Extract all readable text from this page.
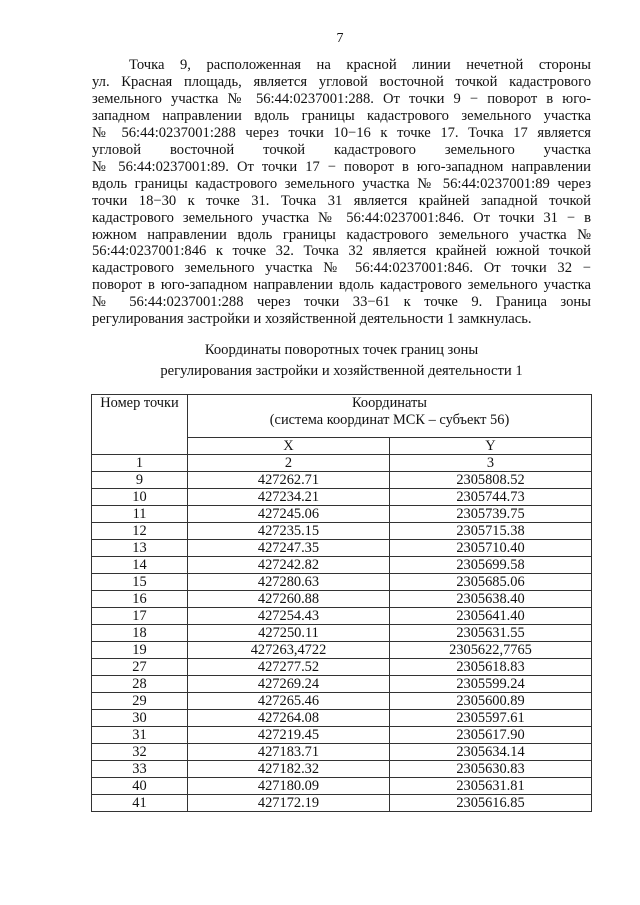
7
Точка 9, расположенная на красной линии нечетной стороны
ул. Красная площадь, является угловой восточной точкой кадастрового
земельного участка № 56:44:0237001:288. От точки 9 − поворот в юго-
западном направлении вдоль границы кадастрового земельного участка
№ 56:44:0237001:288 через точки 10−16 к точке 17. Точка 17 является
угловой восточной точкой кадастрового земельного участка
№ 56:44:0237001:89. От точки 17 − поворот в юго-западном направлении
вдоль границы кадастрового земельного участка № 56:44:0237001:89 через
точки 18−30 к точке 31. Точка 31 является крайней западной точкой
кадастрового земельного участка № 56:44:0237001:846. От точки 31 − в
южном направлении вдоль границы кадастрового земельного участка №
56:44:0237001:846 к точке 32. Точка 32 является крайней южной точкой
кадастрового земельного участка № 56:44:0237001:846. От точки 32 −
поворот в юго-западном направлении вдоль кадастрового земельного участка
№ 56:44:0237001:288 через точки 33−61 к точке 9. Граница зоны
регулирования застройки и хозяйственной деятельности 1 замкнулась.
Координаты поворотных точек границ зоны
регулирования застройки и хозяйственной деятельности 1
Номер точки	Координаты
(система координат МСК – субъект 56)	

	X	Y
1	2	3
9	427262.71	2305808.52
10	427234.21	2305744.73
11	427245.06	2305739.75
12	427235.15	2305715.38
13	427247.35	2305710.40
14	427242.82	2305699.58
15	427280.63	2305685.06
16	427260.88	2305638.40
17	427254.43	2305641.40
18	427250.11	2305631.55
19	427263,4722	2305622,7765
27	427277.52	2305618.83
28	427269.24	2305599.24
29	427265.46	2305600.89
30	427264.08	2305597.61
31	427219.45	2305617.90
32	427183.71	2305634.14
33	427182.32	2305630.83
40	427180.09	2305631.81
41	427172.19	2305616.85
